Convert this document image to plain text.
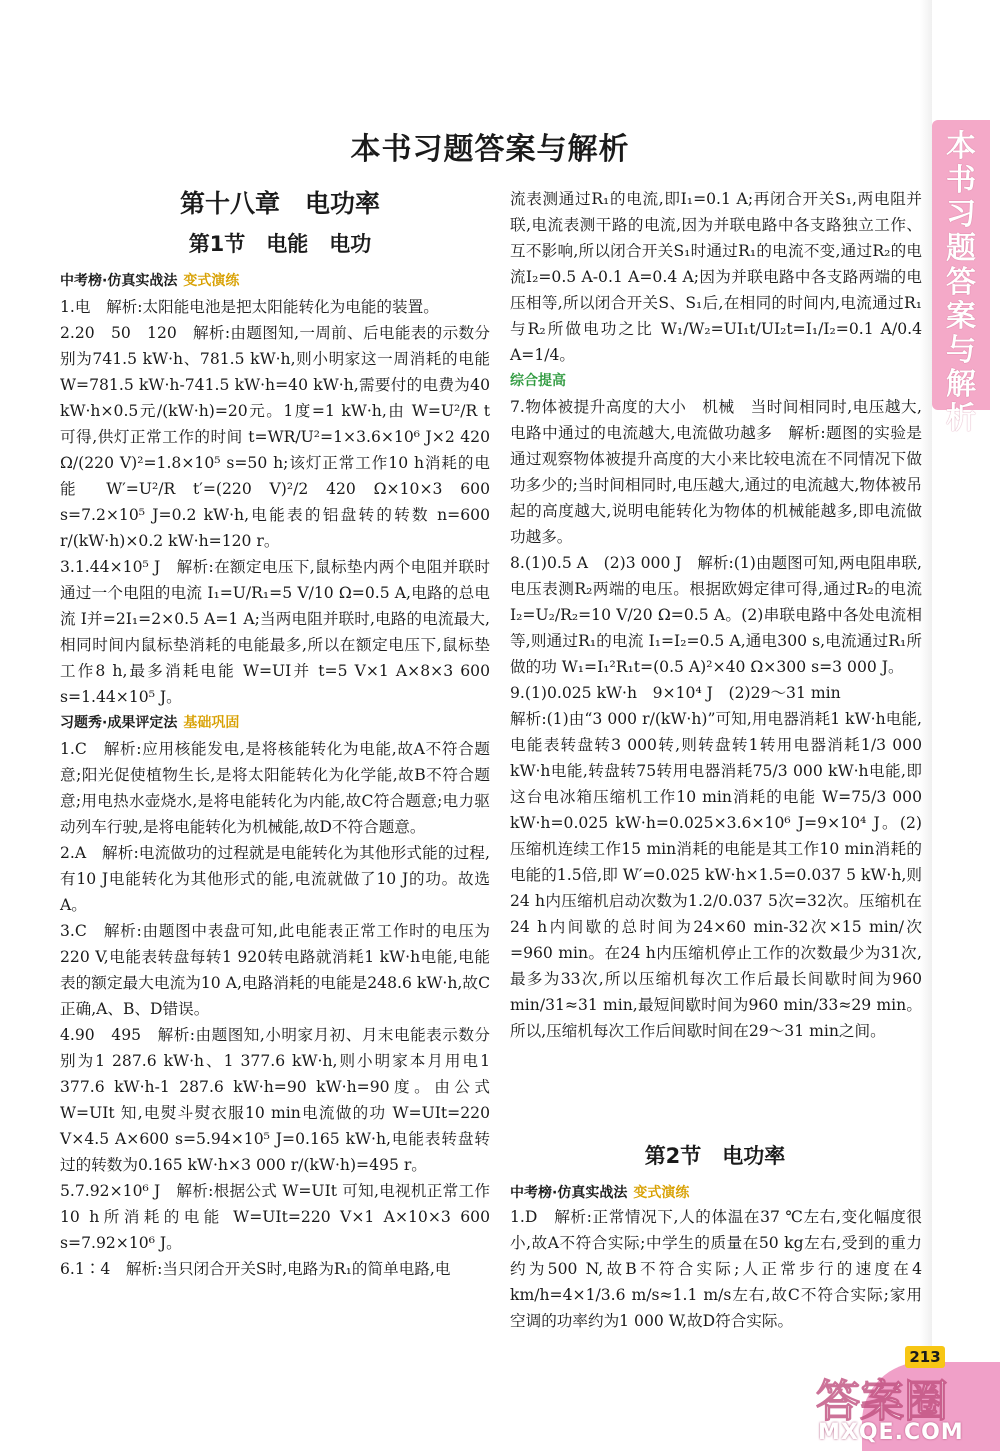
本书习题答案与解析
本书习题答案与解析
第十八章　电功率
第1节　电能　电功

中考榜·仿真实战法 变式演练

1.电　解析:太阳能电池是把太阳能转化为电能的装置。

2.20　50　120　解析:由题图知,一周前、后电能表的示数分别为741.5 kW·h、781.5 kW·h,则小明家这一周消耗的电能 W=781.5 kW·h-741.5 kW·h=40 kW·h,需要付的电费为40 kW·h×0.5元/(kW·h)=20元。1度=1 kW·h,由 W=U²/R t 可得,供灯正常工作的时间 t=WR/U²=1×3.6×10⁶ J×2 420 Ω/(220 V)²=1.8×10⁵ s=50 h;该灯正常工作10 h消耗的电能 W′=U²/R t′=(220 V)²/2 420 Ω×10×3 600 s=7.2×10⁵ J=0.2 kW·h,电能表的铝盘转的转数 n=600 r/(kW·h)×0.2 kW·h=120 r。

3.1.44×10⁵ J　解析:在额定电压下,鼠标垫内两个电阻并联时通过一个电阻的电流 I₁=U/R₁=5 V/10 Ω=0.5 A,电路的总电流 I并=2I₁=2×0.5 A=1 A;当两电阻并联时,电路的电流最大,相同时间内鼠标垫消耗的电能最多,所以在额定电压下,鼠标垫工作8 h,最多消耗电能 W=UI并 t=5 V×1 A×8×3 600 s=1.44×10⁵ J。

习题秀·成果评定法 基础巩固

1.C　解析:应用核能发电,是将核能转化为电能,故A不符合题意;阳光促使植物生长,是将太阳能转化为化学能,故B不符合题意;用电热水壶烧水,是将电能转化为内能,故C符合题意;电力驱动列车行驶,是将电能转化为机械能,故D不符合题意。

2.A　解析:电流做功的过程就是电能转化为其他形式能的过程,有10 J电能转化为其他形式的能,电流就做了10 J的功。故选A。

3.C　解析:由题图中表盘可知,此电能表正常工作时的电压为220 V,电能表转盘每转1 920转电路就消耗1 kW·h电能,电能表的额定最大电流为10 A,电路消耗的电能是248.6 kW·h,故C正确,A、B、D错误。

4.90　495　解析:由题图知,小明家月初、月末电能表示数分别为1 287.6 kW·h、1 377.6 kW·h,则小明家本月用电1 377.6 kW·h-1 287.6 kW·h=90 kW·h=90度。由公式 W=UIt 知,电熨斗熨衣服10 min电流做的功 W=UIt=220 V×4.5 A×600 s=5.94×10⁵ J=0.165 kW·h,电能表转盘转过的转数为0.165 kW·h×3 000 r/(kW·h)=495 r。

5.7.92×10⁶ J　解析:根据公式 W=UIt 可知,电视机正常工作10 h所消耗的电能 W=UIt=220 V×1 A×10×3 600 s=7.92×10⁶ J。

6.1∶4　解析:当只闭合开关S时,电路为R₁的简单电路,电

流表测通过R₁的电流,即I₁=0.1 A;再闭合开关S₁,两电阻并联,电流表测干路的电流,因为并联电路中各支路独立工作、互不影响,所以闭合开关S₁时通过R₁的电流不变,通过R₂的电流I₂=0.5 A-0.1 A=0.4 A;因为并联电路中各支路两端的电压相等,所以闭合开关S、S₁后,在相同的时间内,电流通过R₁与R₂所做电功之比 W₁/W₂=UI₁t/UI₂t=I₁/I₂=0.1 A/0.4 A=1/4。

综合提高

7.物体被提升高度的大小　机械　当时间相同时,电压越大,电路中通过的电流越大,电流做功越多　解析:题图的实验是通过观察物体被提升高度的大小来比较电流在不同情况下做功多少的;当时间相同时,电压越大,通过的电流越大,物体被吊起的高度越大,说明电能转化为物体的机械能越多,即电流做功越多。

8.(1)0.5 A　(2)3 000 J　解析:(1)由题图可知,两电阻串联,电压表测R₂两端的电压。根据欧姆定律可得,通过R₂的电流 I₂=U₂/R₂=10 V/20 Ω=0.5 A。(2)串联电路中各处电流相等,则通过R₁的电流 I₁=I₂=0.5 A,通电300 s,电流通过R₁所做的功 W₁=I₁²R₁t=(0.5 A)²×40 Ω×300 s=3 000 J。

9.(1)0.025 kW·h　9×10⁴ J　(2)29～31 min

解析:(1)由“3 000 r/(kW·h)”可知,用电器消耗1 kW·h电能,电能表转盘转3 000转,则转盘转1转用电器消耗1/3 000 kW·h电能,转盘转75转用电器消耗75/3 000 kW·h电能,即这台电冰箱压缩机工作10 min消耗的电能 W=75/3 000 kW·h=0.025 kW·h=0.025×3.6×10⁶ J=9×10⁴ J。(2)压缩机连续工作15 min消耗的电能是其工作10 min消耗的电能的1.5倍,即 W′=0.025 kW·h×1.5=0.037 5 kW·h,则24 h内压缩机启动次数为1.2/0.037 5次=32次。压缩机在24 h内间歇的总时间为24×60 min-32次×15 min/次=960 min。在24 h内压缩机停止工作的次数最少为31次,最多为33次,所以压缩机每次工作后最长间歇时间为960 min/31≈31 min,最短间歇时间为960 min/33≈29 min。所以,压缩机每次工作后间歇时间在29～31 min之间。

第2节　电功率

中考榜·仿真实战法 变式演练

1.D　解析:正常情况下,人的体温在37 ℃左右,变化幅度很小,故A不符合实际;中学生的质量在50 kg左右,受到的重力约为500 N,故B不符合实际;人正常步行的速度在4 km/h=4×1/3.6 m/s≈1.1 m/s左右,故C不符合实际;家用空调的功率约为1 000 W,故D符合实际。

213
答案圈
MXQE.COM
